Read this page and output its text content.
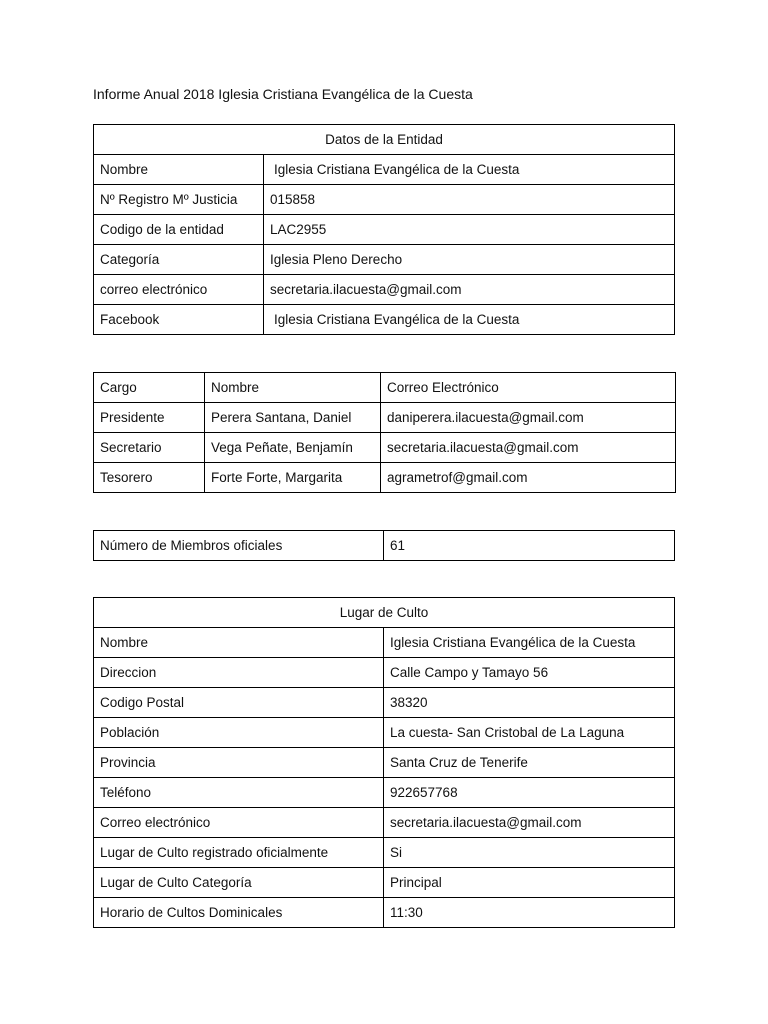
Informe Anual 2018 Iglesia Cristiana Evangélica de la Cuesta
Datos de la Entidad	
Nombre	Iglesia Cristiana Evangélica de la Cuesta
Nº Registro Mº Justicia	015858
Codigo de la entidad	LAC2955
Categoría	Iglesia Pleno Derecho
correo electrónico	secretaria.ilacuesta@gmail.com
Facebook	Iglesia Cristiana Evangélica de la Cuesta
Cargo	Nombre	Correo Electrónico
Presidente	Perera Santana, Daniel	daniperera.ilacuesta@gmail.com
Secretario	Vega Peñate, Benjamín	secretaria.ilacuesta@gmail.com
Tesorero	Forte Forte, Margarita	agrametrof@gmail.com
Número de Miembros oficiales	61
Lugar de Culto	
Nombre	Iglesia Cristiana Evangélica de la Cuesta
Direccion	Calle Campo y Tamayo 56
Codigo Postal	38320
Población	La cuesta- San Cristobal de La Laguna
Provincia	Santa Cruz de Tenerife
Teléfono	922657768
Correo electrónico	secretaria.ilacuesta@gmail.com
Lugar de Culto registrado oficialmente	Si
Lugar de Culto Categoría	Principal
Horario de Cultos Dominicales	11:30
